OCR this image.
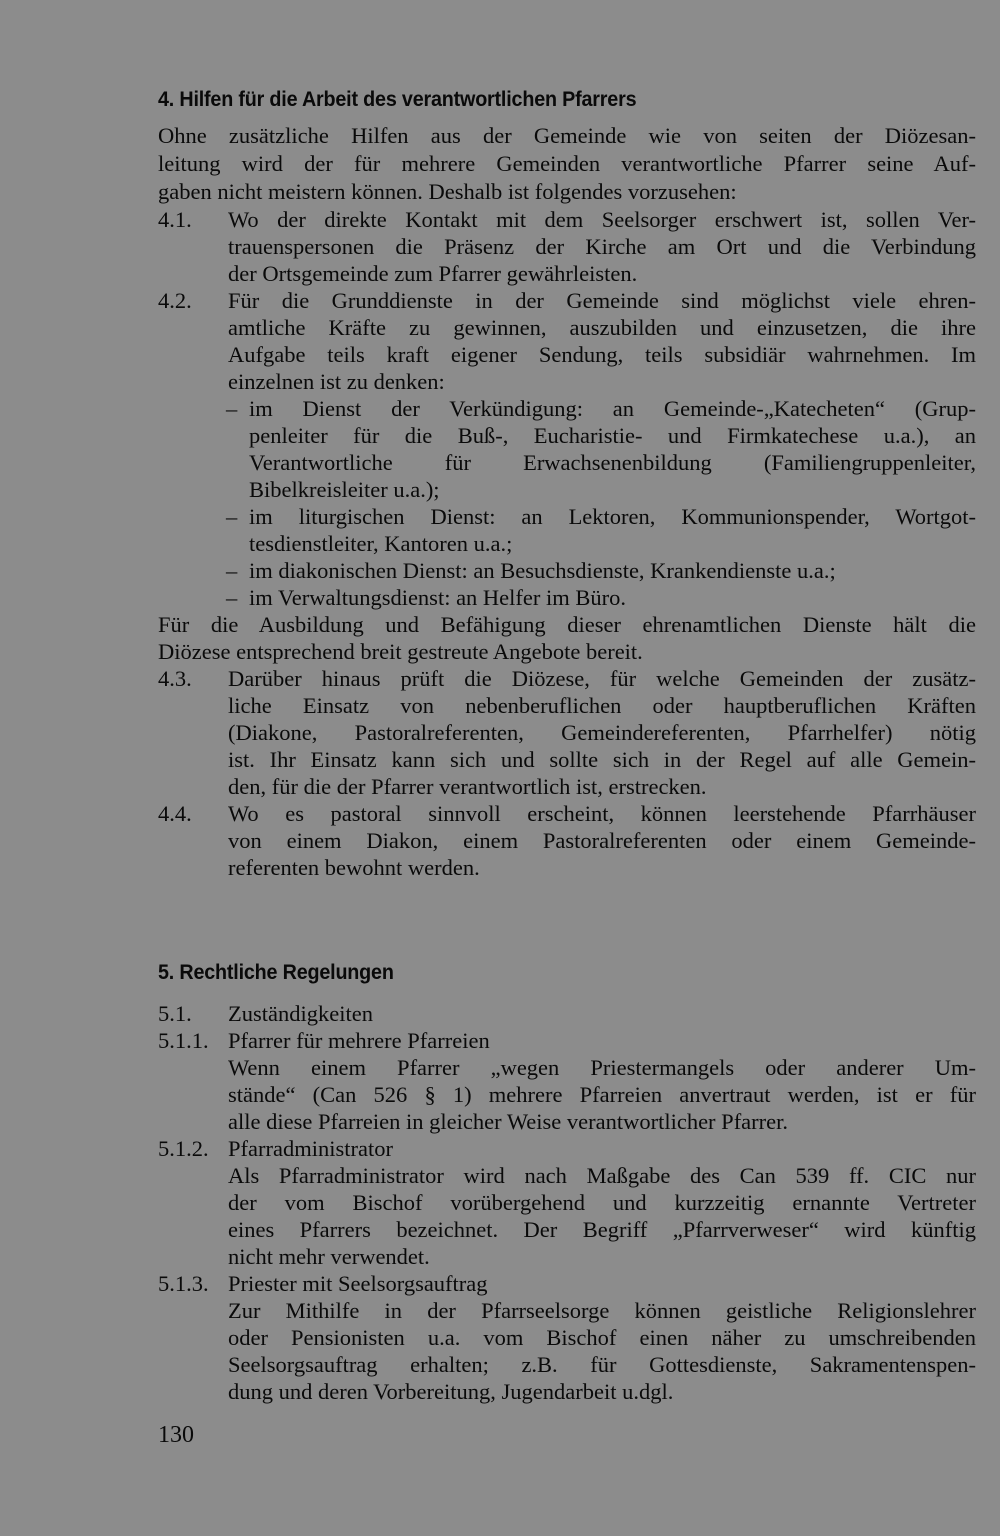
4. Hilfen für die Arbeit des verantwortlichen Pfarrers
Ohne zusätzliche Hilfen aus der Gemeinde wie von seiten der Diözesan-
leitung wird der für mehrere Gemeinden verantwortliche Pfarrer seine Auf-
gaben nicht meistern können. Deshalb ist folgendes vorzusehen:
4.1. Wo der direkte Kontakt mit dem Seelsorger erschwert ist, sollen Ver-
trauenspersonen die Präsenz der Kirche am Ort und die Verbindung
der Ortsgemeinde zum Pfarrer gewährleisten.
4.2. Für die Grunddienste in der Gemeinde sind möglichst viele ehren-
amtliche Kräfte zu gewinnen, auszubilden und einzusetzen, die ihre
Aufgabe teils kraft eigener Sendung, teils subsidiär wahrnehmen. Im
einzelnen ist zu denken:
– im Dienst der Verkündigung: an Gemeinde-„Katecheten“ (Grup-
penleiter für die Buß-, Eucharistie- und Firmkatechese u.a.), an
Verantwortliche für Erwachsenenbildung (Familiengruppenleiter,
Bibelkreisleiter u.a.);
– im liturgischen Dienst: an Lektoren, Kommunionspender, Wortgot-
tesdienstleiter, Kantoren u.a.;
– im diakonischen Dienst: an Besuchsdienste, Krankendienste u.a.;
– im Verwaltungsdienst: an Helfer im Büro.
Für die Ausbildung und Befähigung dieser ehrenamtlichen Dienste hält die
Diözese entsprechend breit gestreute Angebote bereit.
4.3. Darüber hinaus prüft die Diözese, für welche Gemeinden der zusätz-
liche Einsatz von nebenberuflichen oder hauptberuflichen Kräften
(Diakone, Pastoralreferenten, Gemeindereferenten, Pfarrhelfer) nötig
ist. Ihr Einsatz kann sich und sollte sich in der Regel auf alle Gemein-
den, für die der Pfarrer verantwortlich ist, erstrecken.
4.4. Wo es pastoral sinnvoll erscheint, können leerstehende Pfarrhäuser
von einem Diakon, einem Pastoralreferenten oder einem Gemeinde-
referenten bewohnt werden.
5. Rechtliche Regelungen
5.1. Zuständigkeiten
5.1.1. Pfarrer für mehrere Pfarreien
Wenn einem Pfarrer „wegen Priestermangels oder anderer Um-
stände“ (Can 526 § 1) mehrere Pfarreien anvertraut werden, ist er für
alle diese Pfarreien in gleicher Weise verantwortlicher Pfarrer.
5.1.2. Pfarradministrator
Als Pfarradministrator wird nach Maßgabe des Can 539 ff. CIC nur
der vom Bischof vorübergehend und kurzzeitig ernannte Vertreter
eines Pfarrers bezeichnet. Der Begriff „Pfarrverweser“ wird künftig
nicht mehr verwendet.
5.1.3. Priester mit Seelsorgsauftrag
Zur Mithilfe in der Pfarrseelsorge können geistliche Religionslehrer
oder Pensionisten u.a. vom Bischof einen näher zu umschreibenden
Seelsorgsauftrag erhalten; z.B. für Gottesdienste, Sakramentenspen-
dung und deren Vorbereitung, Jugendarbeit u.dgl.
130
